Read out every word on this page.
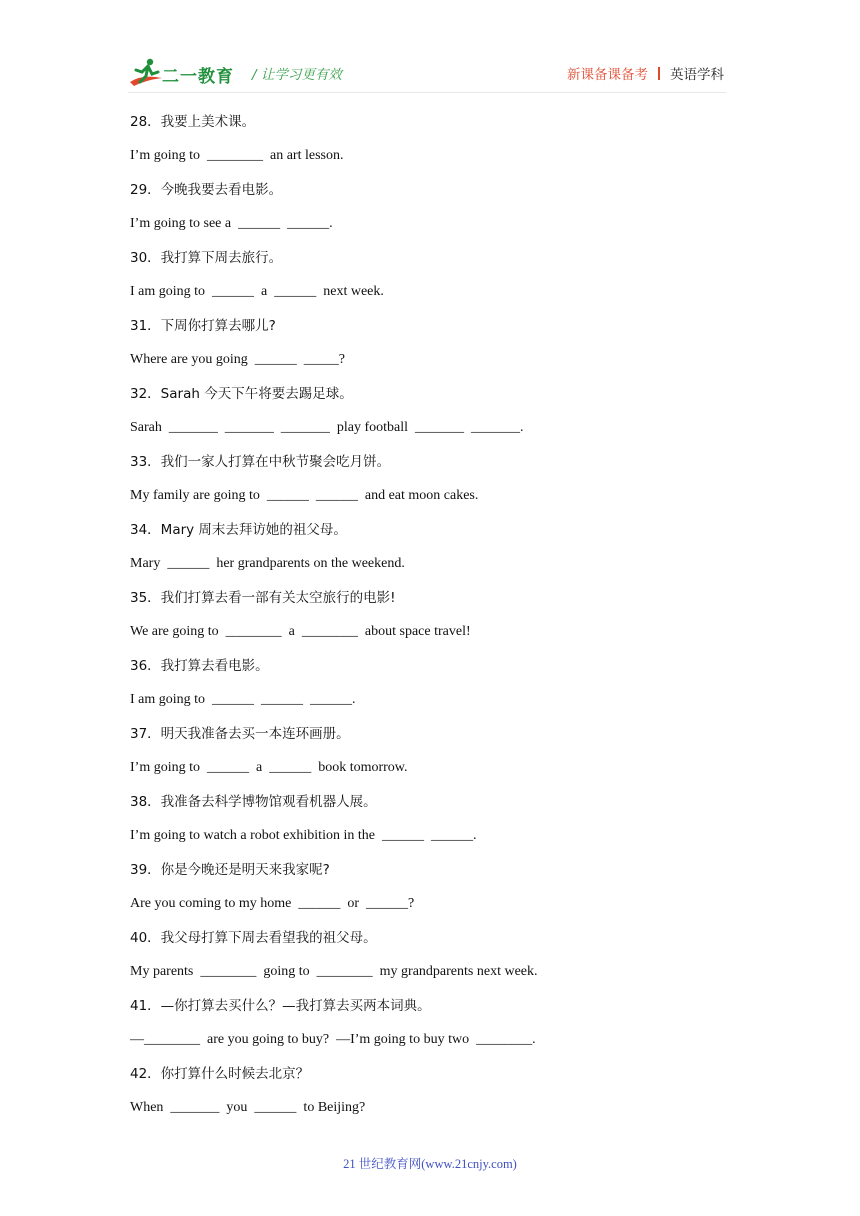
二一教育 / 让学习更有效	新课备课备考 英语学科
28．我要上美术课。
I’m going to  ________  an art lesson.
29．今晚我要去看电影。
I’m going to see a  ______  ______.
30．我打算下周去旅行。
I am going to  ______  a  ______  next week.
31．下周你打算去哪儿?
Where are you going  ______  _____?
32．Sarah 今天下午将要去踢足球。
Sarah  _______  _______  _______  play football  _______  _______.
33．我们一家人打算在中秋节聚会吃月饼。
My family are going to  ______  ______  and eat moon cakes.
34．Mary 周末去拜访她的祖父母。
Mary  ______  her grandparents on the weekend.
35．我们打算去看一部有关太空旅行的电影!
We are going to  ________  a  ________  about space travel!
36．我打算去看电影。
I am going to  ______  ______  ______.
37．明天我准备去买一本连环画册。
I’m going to  ______  a  ______  book tomorrow.
38．我准备去科学博物馆观看机器人展。
I’m going to watch a robot exhibition in the  ______  ______.
39．你是今晚还是明天来我家呢?
Are you coming to my home  ______  or  ______?
40．我父母打算下周去看望我的祖父母。
My parents  ________  going to  ________  my grandparents next week.
41．—你打算去买什么？—我打算去买两本词典。
—________  are you going to buy?  —I’m going to buy two  ________.
42．你打算什么时候去北京？
When  _______  you  ______  to Beijing?
21 世纪教育网(www.21cnjy.com)
